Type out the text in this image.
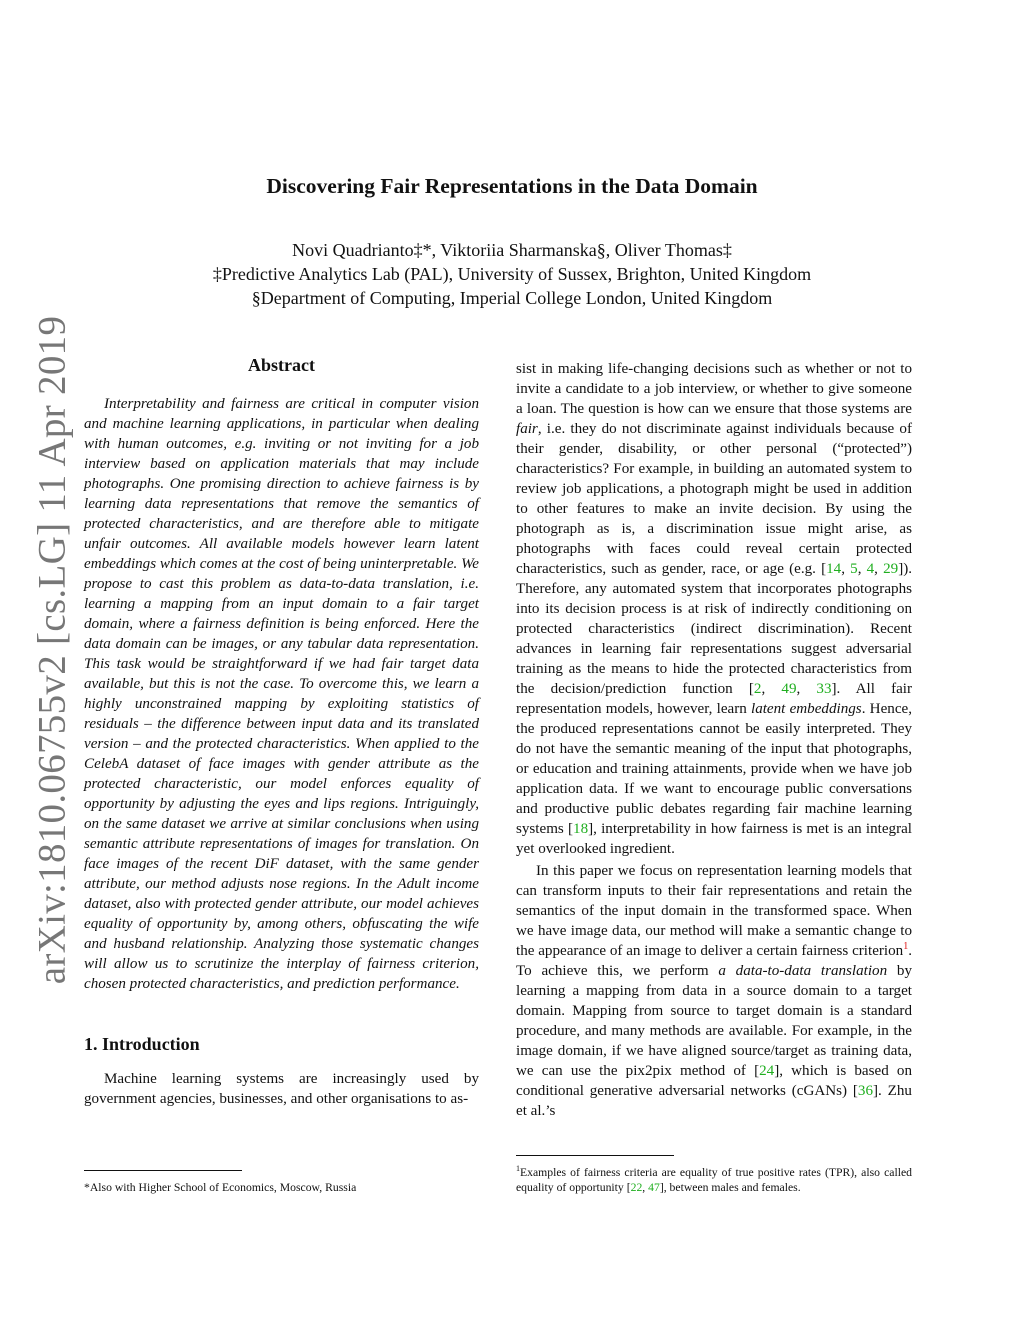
arXiv:1810.06755v2 [cs.LG] 11 Apr 2019
Discovering Fair Representations in the Data Domain
Novi Quadrianto‡*, Viktoriia Sharmanska§, Oliver Thomas‡
‡Predictive Analytics Lab (PAL), University of Sussex, Brighton, United Kingdom
§Department of Computing, Imperial College London, United Kingdom
Abstract

Interpretability and fairness are critical in computer vision and machine learning applications, in particular when dealing with human outcomes, e.g. inviting or not inviting for a job interview based on application materials that may include photographs. One promising direction to achieve fairness is by learning data representations that remove the semantics of protected characteristics, and are therefore able to mitigate unfair outcomes. All available models however learn latent embeddings which comes at the cost of being uninterpretable. We propose to cast this problem as data-to-data translation, i.e. learning a mapping from an input domain to a fair target domain, where a fairness definition is being enforced. Here the data domain can be images, or any tabular data representation. This task would be straightforward if we had fair target data available, but this is not the case. To overcome this, we learn a highly unconstrained mapping by exploiting statistics of residuals – the difference between input data and its translated version – and the protected characteristics. When applied to the CelebA dataset of face images with gender attribute as the protected characteristic, our model enforces equality of opportunity by adjusting the eyes and lips regions. Intriguingly, on the same dataset we arrive at similar conclusions when using semantic attribute representations of images for translation. On face images of the recent DiF dataset, with the same gender attribute, our method adjusts nose regions. In the Adult income dataset, also with protected gender attribute, our model achieves equality of opportunity by, among others, obfuscating the wife and husband relationship. Analyzing those systematic changes will allow us to scrutinize the interplay of fairness criterion, chosen protected characteristics, and prediction performance.

1. Introduction

Machine learning systems are increasingly used by government agencies, businesses, and other organisations to as-

*Also with Higher School of Economics, Moscow, Russia

sist in making life-changing decisions such as whether or not to invite a candidate to a job interview, or whether to give someone a loan. The question is how can we ensure that those systems are fair, i.e. they do not discriminate against individuals because of their gender, disability, or other personal (“protected”) characteristics? For example, in building an automated system to review job applications, a photograph might be used in addition to other features to make an invite decision. By using the photograph as is, a discrimination issue might arise, as photographs with faces could reveal certain protected characteristics, such as gender, race, or age (e.g. [14, 5, 4, 29]). Therefore, any automated system that incorporates photographs into its decision process is at risk of indirectly conditioning on protected characteristics (indirect discrimination). Recent advances in learning fair representations suggest adversarial training as the means to hide the protected characteristics from the decision/prediction function [2, 49, 33]. All fair representation models, however, learn latent embeddings. Hence, the produced representations cannot be easily interpreted. They do not have the semantic meaning of the input that photographs, or education and training attainments, provide when we have job application data. If we want to encourage public conversations and productive public debates regarding fair machine learning systems [18], interpretability in how fairness is met is an integral yet overlooked ingredient.

In this paper we focus on representation learning models that can transform inputs to their fair representations and retain the semantics of the input domain in the transformed space. When we have image data, our method will make a semantic change to the appearance of an image to deliver a certain fairness criterion$^1$. To achieve this, we perform a data-to-data translation by learning a mapping from data in a source domain to a target domain. Mapping from source to target domain is a standard procedure, and many methods are available. For example, in the image domain, if we have aligned source/target as training data, we can use the pix2pix method of [24], which is based on conditional generative adversarial networks (cGANs) [36]. Zhu et al.’s

$^1$Examples of fairness criteria are equality of true positive rates (TPR), also called equality of opportunity [22, 47], between males and females.
